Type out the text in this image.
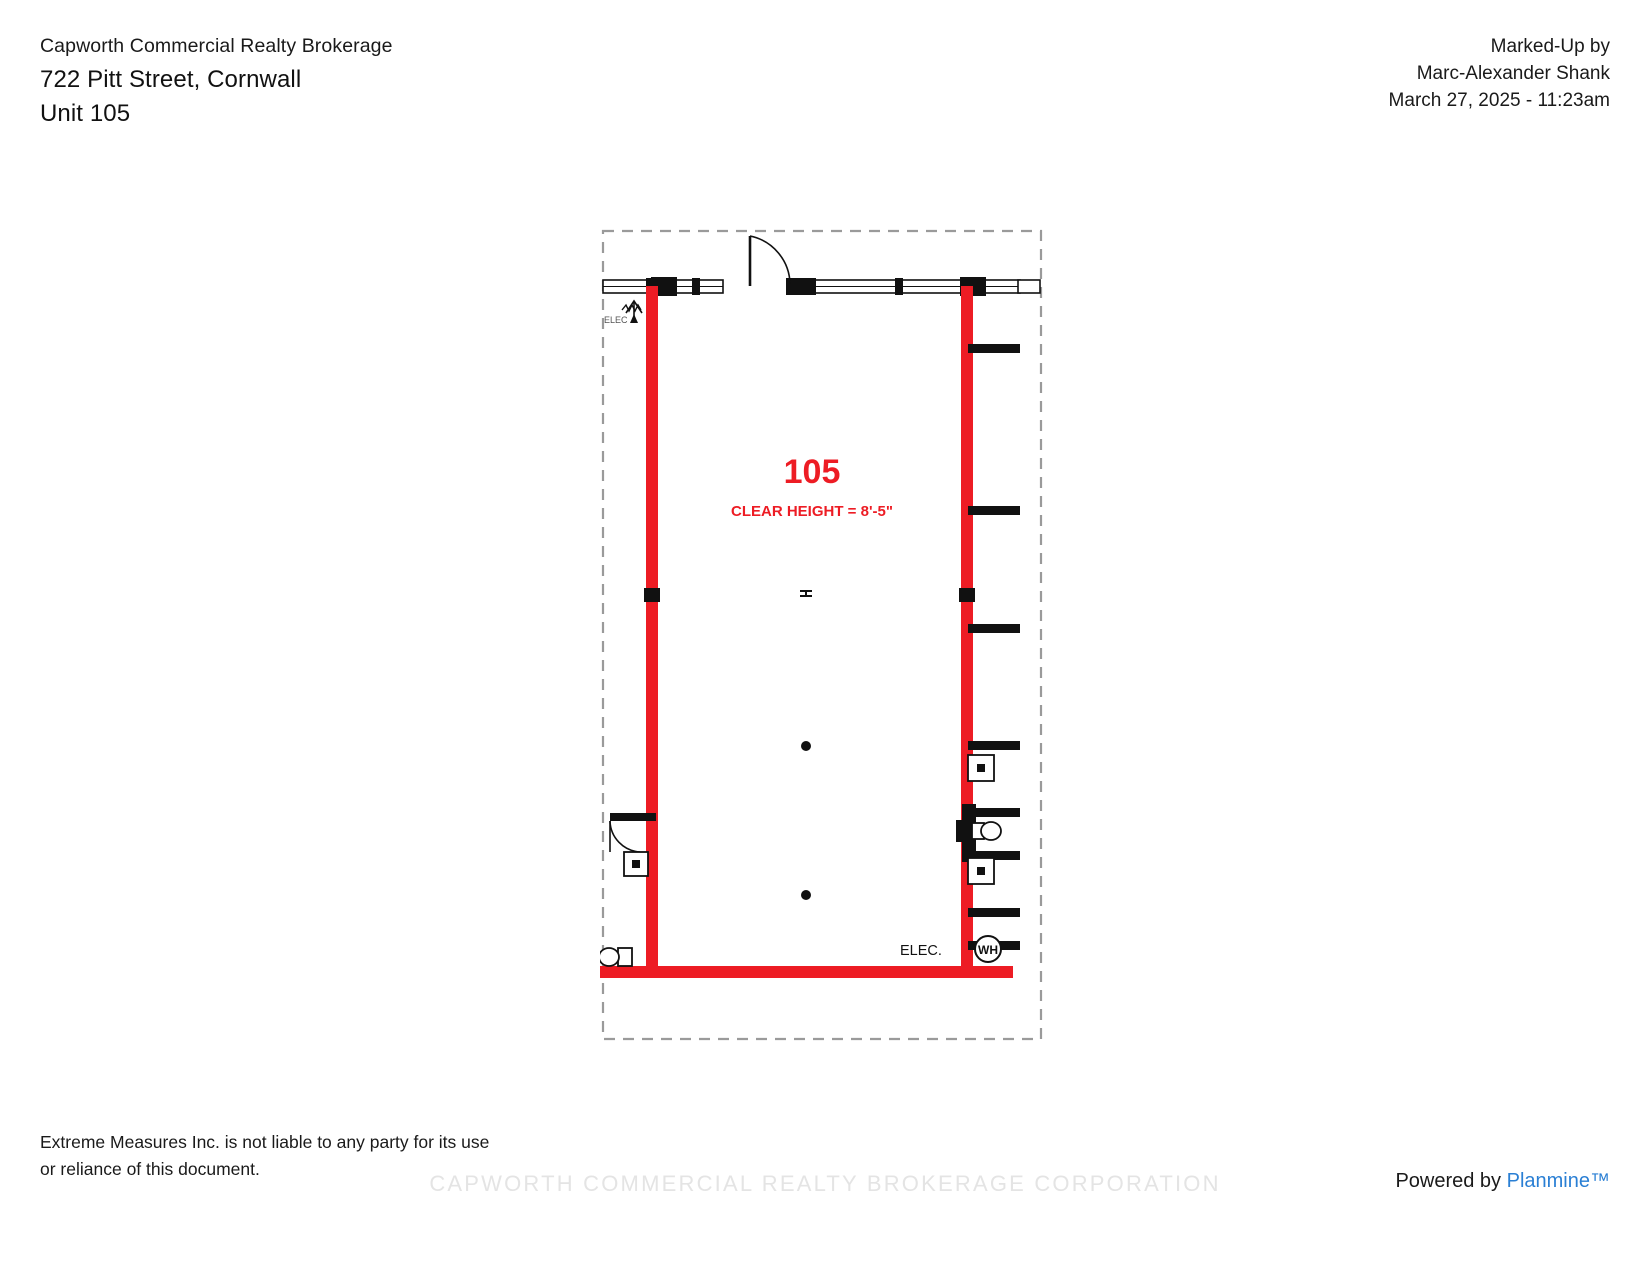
Capworth Commercial Realty Brokerage
722 Pitt Street, Cornwall
Unit 105
Marked-Up by
Marc-Alexander Shank
March 27, 2025 - 11:23am
ELEC
WH
ELEC.
105
CLEAR HEIGHT = 8'-5"
Extreme Measures Inc. is not liable to any party for its use
or reliance of this document.
CAPWORTH COMMERCIAL REALTY BROKERAGE CORPORATION	Powered by Planmine™
